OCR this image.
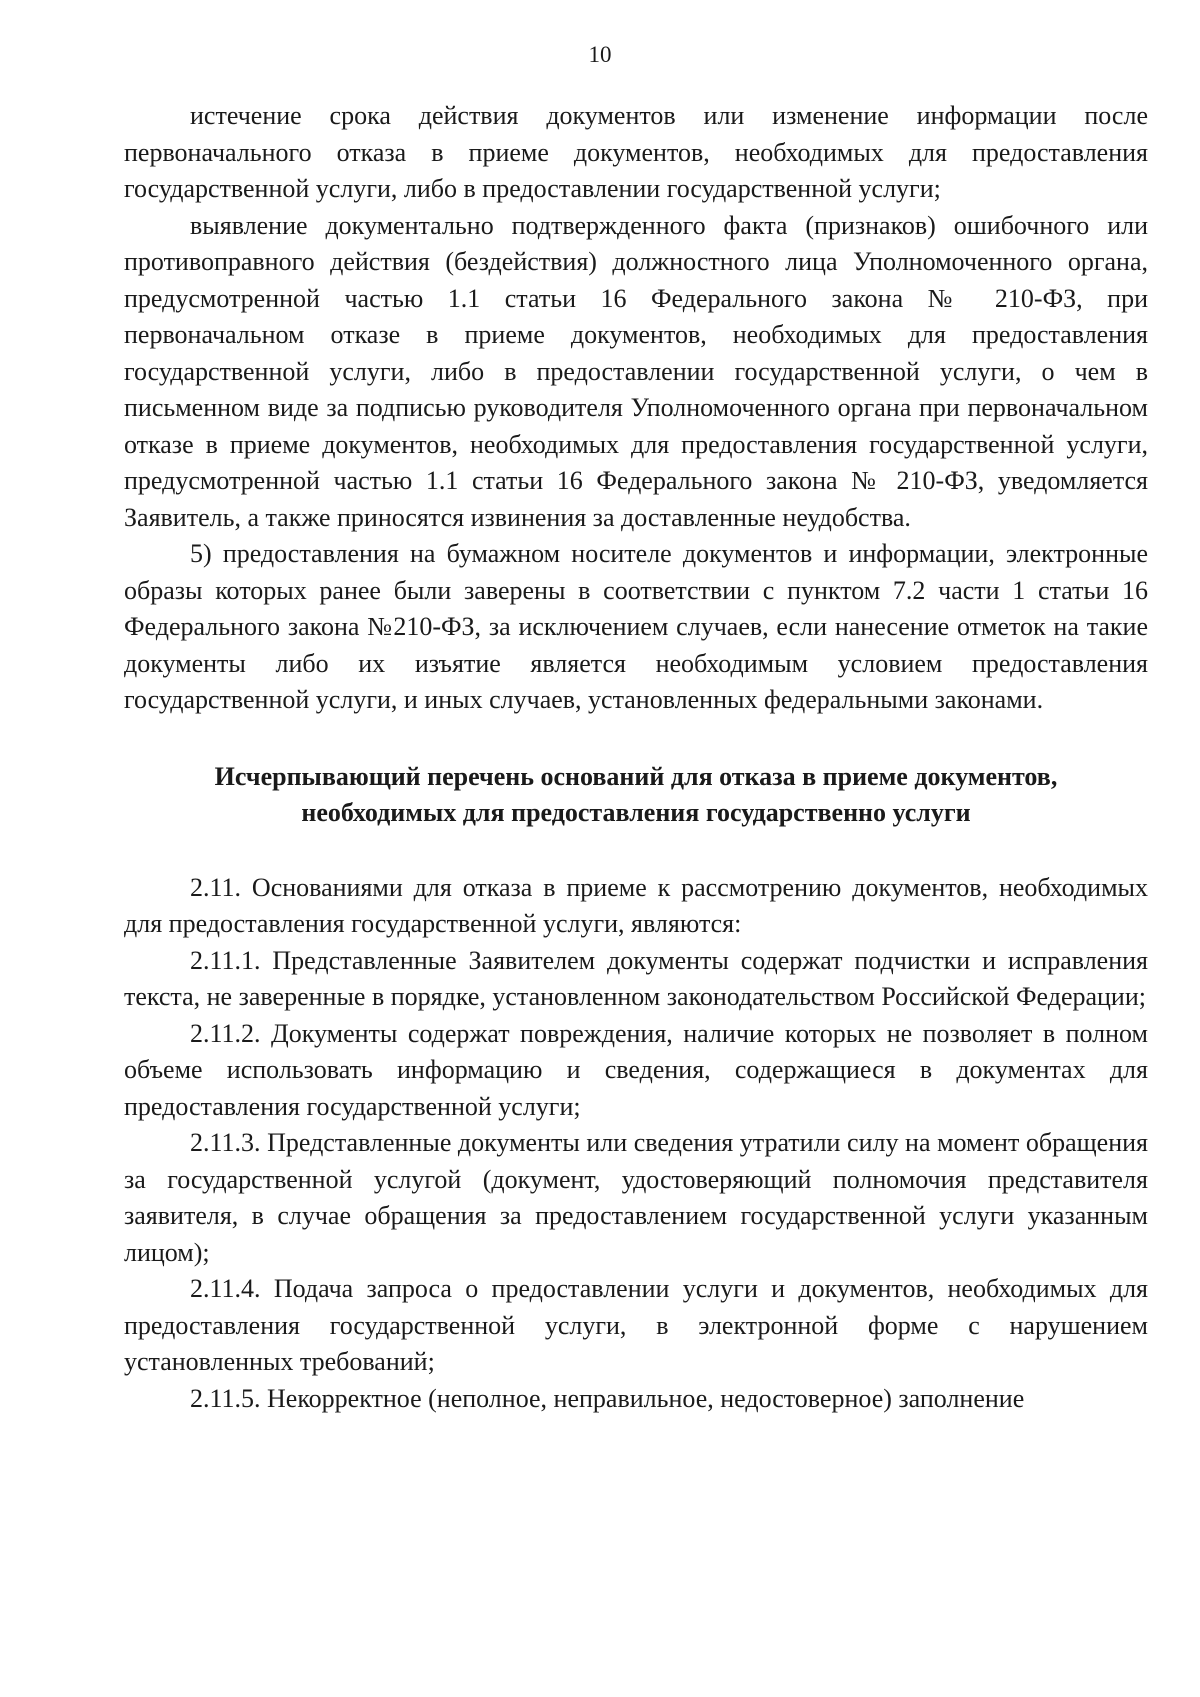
10

истечение срока действия документов или изменение информации после первоначального отказа в приеме документов, необходимых для предоставления государственной услуги, либо в предоставлении государственной услуги;

выявление документально подтвержденного факта (признаков) ошибочного или противоправного действия (бездействия) должностного лица Уполномоченного органа, предусмотренной частью 1.1 статьи 16 Федерального закона № 210-ФЗ, при первоначальном отказе в приеме документов, необходимых для предоставления государственной услуги, либо в предоставлении государственной услуги, о чем в письменном виде за подписью руководителя Уполномоченного органа при первоначальном отказе в приеме документов, необходимых для предоставления государственной услуги, предусмотренной частью 1.1 статьи 16 Федерального закона № 210-ФЗ, уведомляется Заявитель, а также приносятся извинения за доставленные неудобства.

5) предоставления на бумажном носителе документов и информации, электронные образы которых ранее были заверены в соответствии с пунктом 7.2 части 1 статьи 16 Федерального закона №210-ФЗ, за исключением случаев, если нанесение отметок на такие документы либо их изъятие является необходимым условием предоставления государственной услуги, и иных случаев, установленных федеральными законами.

Исчерпывающий перечень оснований для отказа в приеме документов, необходимых для предоставления государственно услуги

2.11. Основаниями для отказа в приеме к рассмотрению документов, необходимых для предоставления государственной услуги, являются:

2.11.1. Представленные Заявителем документы содержат подчистки и исправления текста, не заверенные в порядке, установленном законодательством Российской Федерации;

2.11.2. Документы содержат повреждения, наличие которых не позволяет в полном объеме использовать информацию и сведения, содержащиеся в документах для предоставления государственной услуги;

2.11.3. Представленные документы или сведения утратили силу на момент обращения за государственной услугой (документ, удостоверяющий полномочия представителя заявителя, в случае обращения за предоставлением государственной услуги указанным лицом);

2.11.4. Подача запроса о предоставлении услуги и документов, необходимых для предоставления государственной услуги, в электронной форме с нарушением установленных требований;

2.11.5. Некорректное (неполное, неправильное, недостоверное) заполнение
